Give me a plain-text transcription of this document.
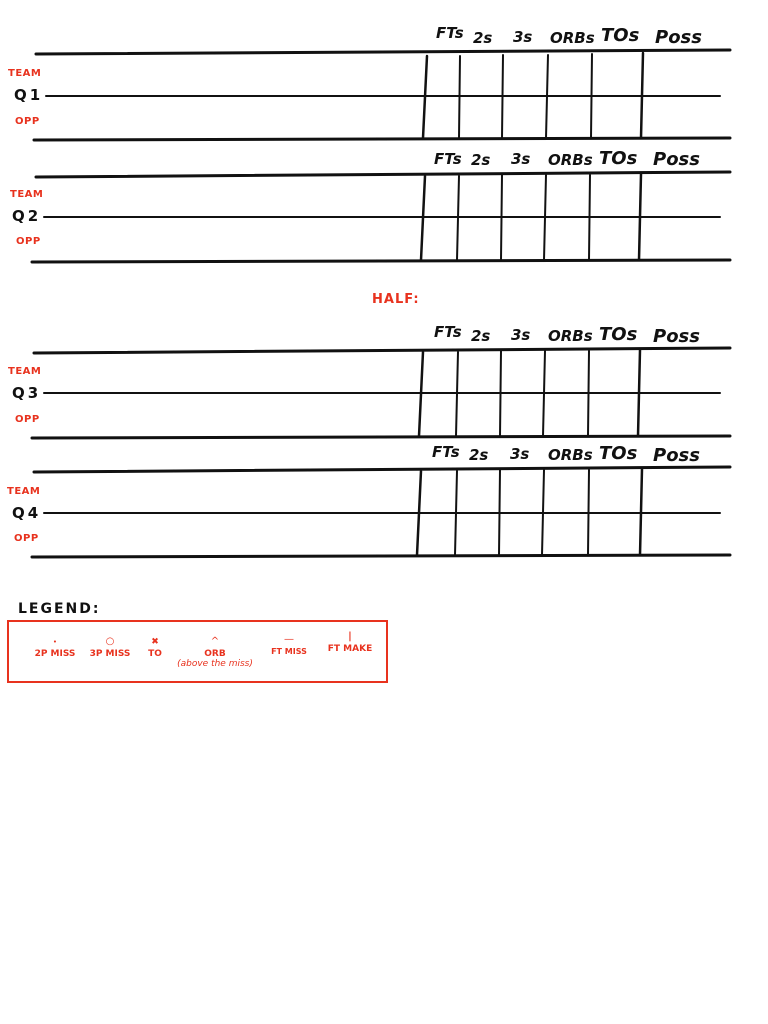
FTs 2s 3s ORBs TOs Poss
TEAM
Q1
OPP
FTs 2s 3s ORBs TOs Poss
TEAM
Q2
OPP
HALF:
FTs 2s 3s ORBs TOs Poss
TEAM
Q3
OPP
FTs 2s 3s ORBs TOs Poss
TEAM
Q4
OPP
LEGEND:
•
2P MISS
○
3P MISS
✖
TO
^
ORB
(above the miss)
—
FT MISS
|
FT MAKE
